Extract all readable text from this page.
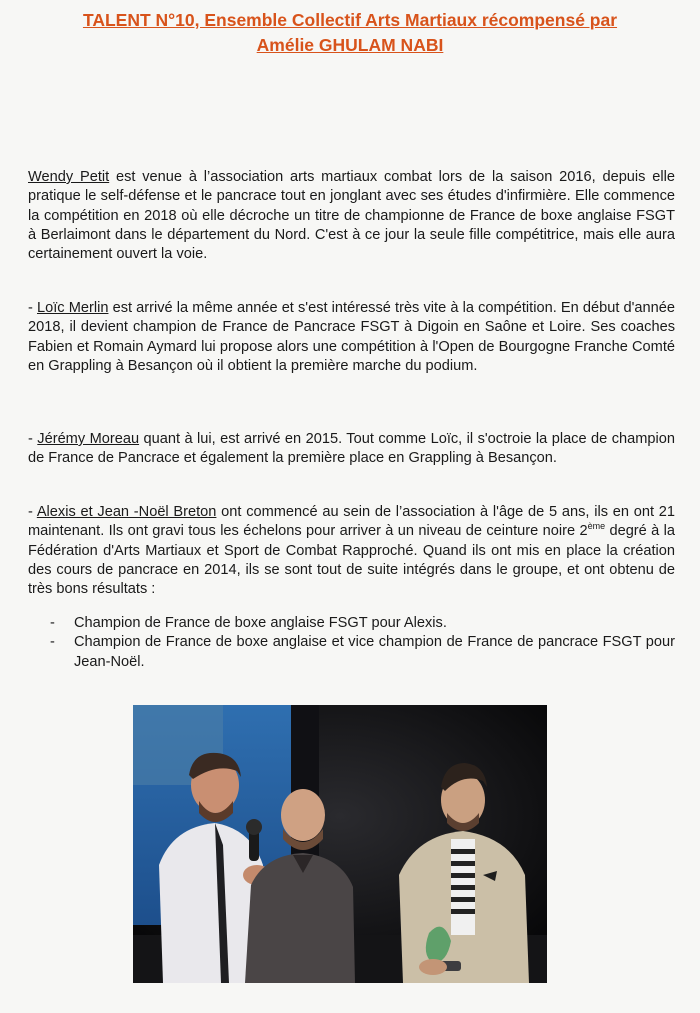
TALENT N°10, Ensemble Collectif Arts Martiaux récompensé par
Amélie GHULAM NABI

Wendy Petit est venue à l’association arts martiaux combat lors de la saison 2016, depuis elle pratique le self-défense et le pancrace tout en jonglant avec ses études d'infirmière. Elle commence la compétition en 2018 où elle décroche un titre de championne de France de boxe anglaise FSGT à Berlaimont dans le département du Nord. C'est à ce jour la seule fille compétitrice, mais elle aura certainement ouvert la voie.

- Loïc Merlin est arrivé la même année et s'est intéressé très vite à la compétition. En début d'année 2018, il devient champion de France de Pancrace FSGT à Digoin en Saône et Loire. Ses coaches Fabien et Romain Aymard lui propose alors une compétition à l'Open de Bourgogne Franche Comté en Grappling à Besançon où il obtient la première marche du podium.

- Jérémy Moreau quant à lui, est arrivé en 2015. Tout comme Loïc, il s'octroie la place de champion de France de Pancrace et également la première place en Grappling à Besançon.

- Alexis et Jean -Noël Breton ont commencé au sein de l’association à l'âge de 5 ans, ils en ont 21 maintenant. Ils ont gravi tous les échelons pour arriver à un niveau de ceinture noire 2ème degré à la Fédération d'Arts Martiaux et Sport de Combat Rapproché. Quand ils ont mis en place la création des cours de pancrace en 2014, ils se sont tout de suite intégrés dans le groupe, et ont obtenu de très bons résultats :

- Champion de France de boxe anglaise FSGT pour Alexis.
- Champion de France de boxe anglaise et vice champion de France de pancrace FSGT pour Jean-Noël.
